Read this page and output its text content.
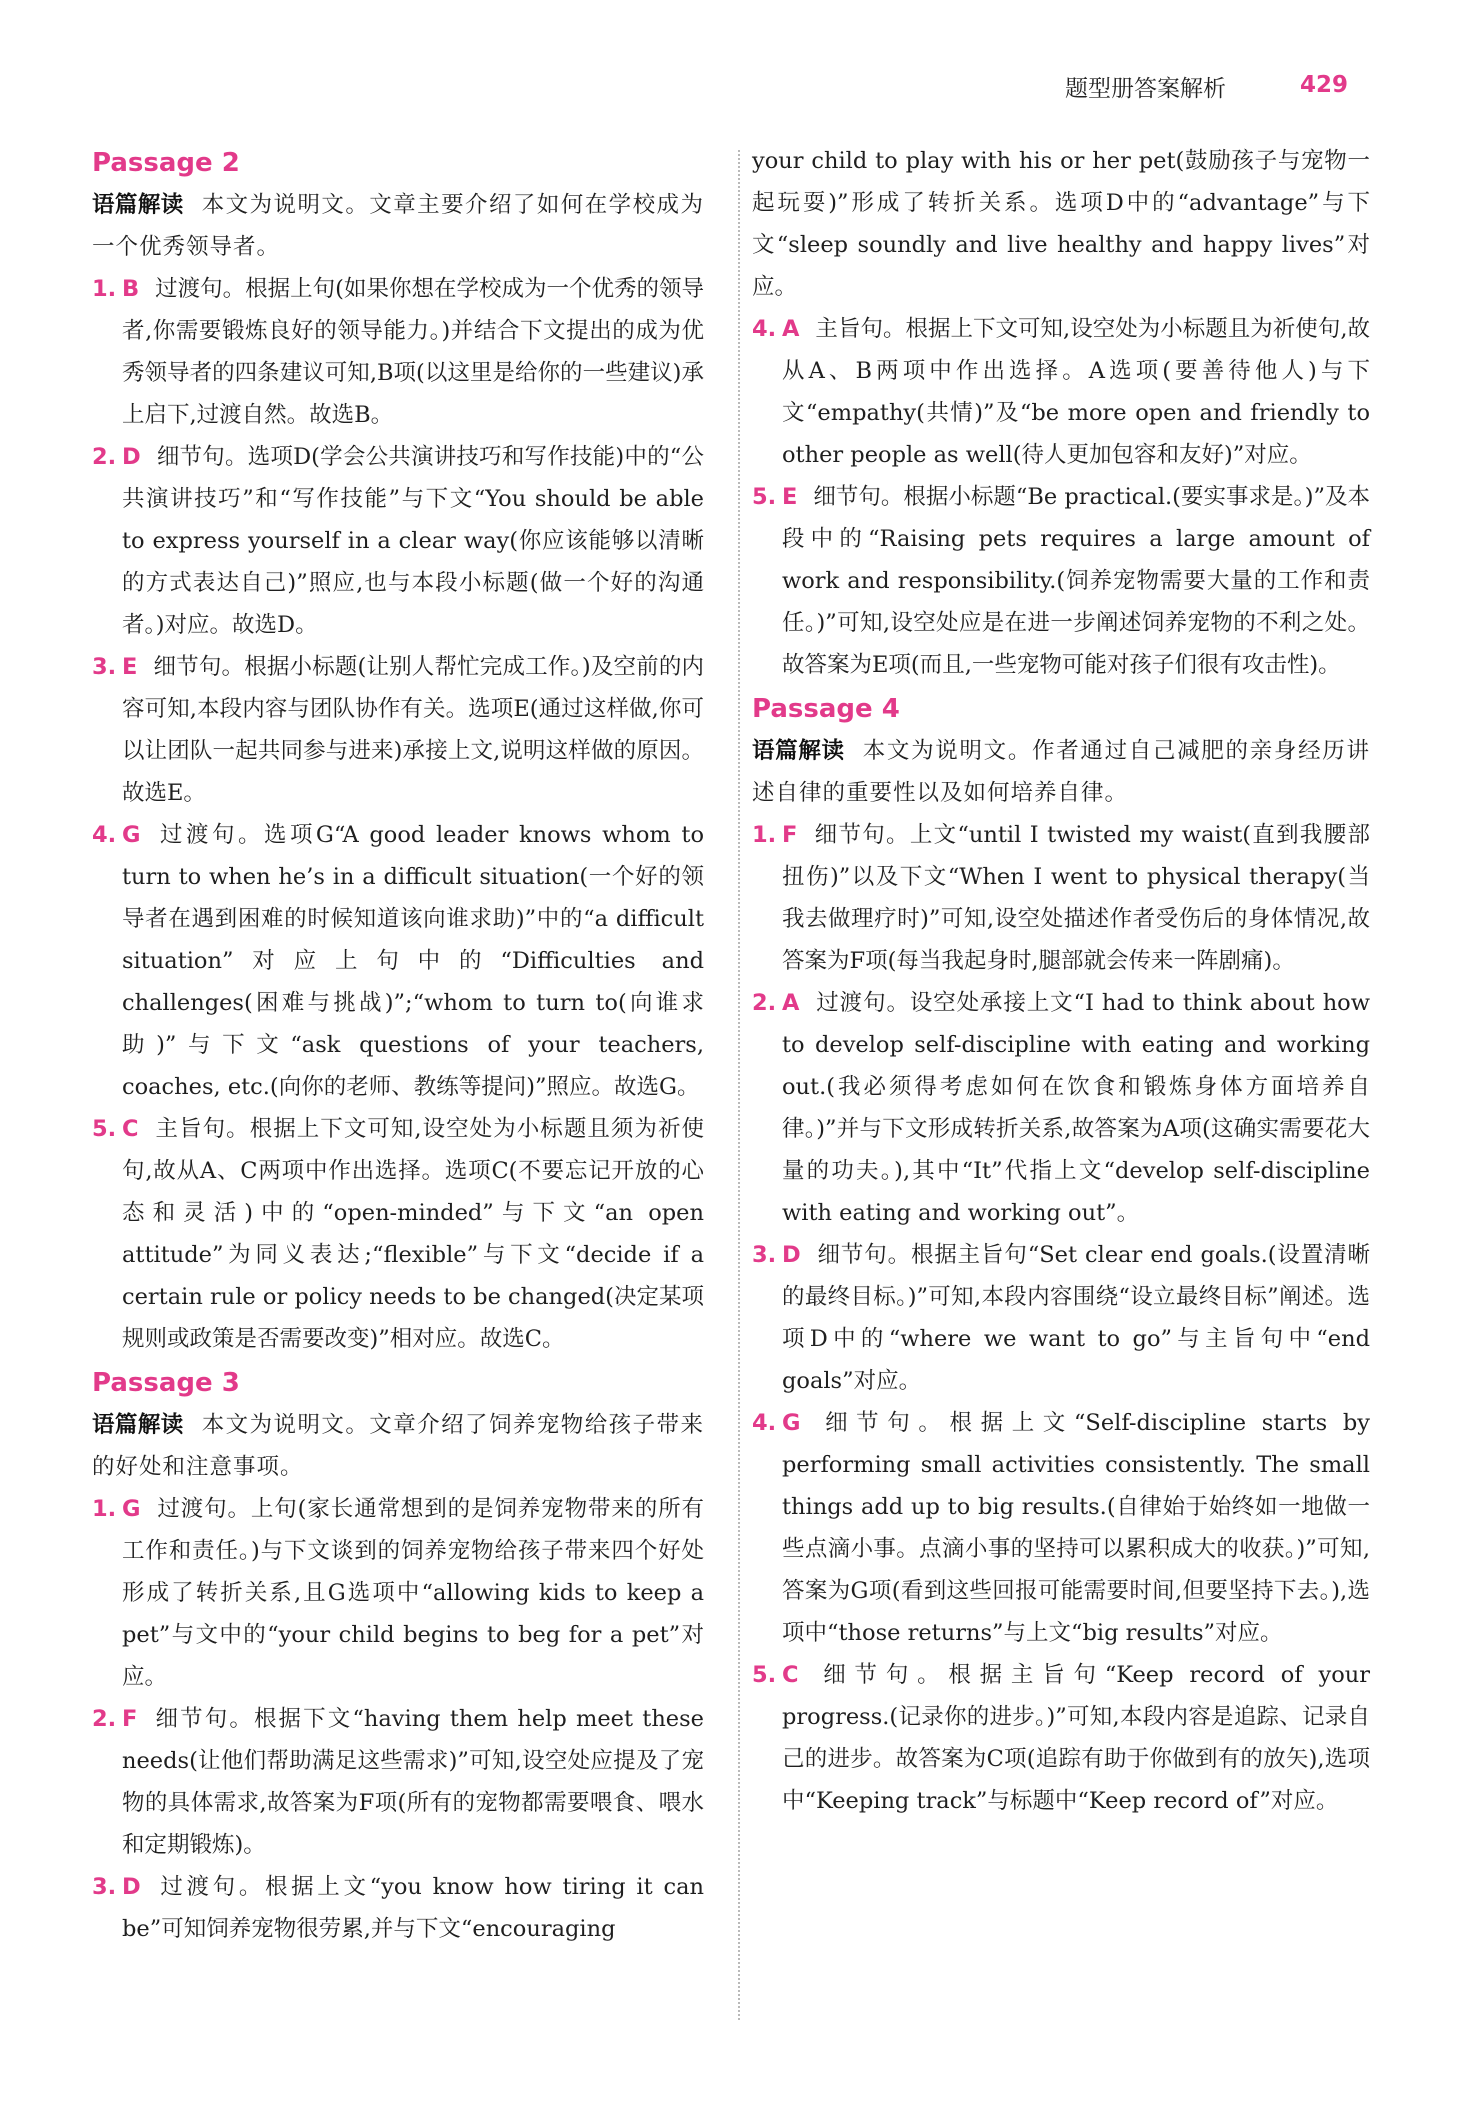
题型册答案解析	429
Passage 2

语篇解读 本文为说明文。文章主要介绍了如何在学校成为一个优秀领导者。

1. B 过渡句。根据上句(如果你想在学校成为一个优秀的领导者,你需要锻炼良好的领导能力。)并结合下文提出的成为优秀领导者的四条建议可知,B项(以这里是给你的一些建议)承上启下,过渡自然。故选B。

2. D 细节句。选项D(学会公共演讲技巧和写作技能)中的“公共演讲技巧”和“写作技能”与下文“You should be able to express yourself in a clear way(你应该能够以清晰的方式表达自己)”照应,也与本段小标题(做一个好的沟通者。)对应。故选D。

3. E 细节句。根据小标题(让别人帮忙完成工作。)及空前的内容可知,本段内容与团队协作有关。选项E(通过这样做,你可以让团队一起共同参与进来)承接上文,说明这样做的原因。故选E。

4. G 过渡句。选项G“A good leader knows whom to turn to when he’s in a difficult situation(一个好的领导者在遇到困难的时候知道该向谁求助)”中的“a difficult situation”对应上句中的“Difficulties and challenges(困难与挑战)”;“whom to turn to(向谁求助)”与下文“ask questions of your teachers, coaches, etc.(向你的老师、教练等提问)”照应。故选G。

5. C 主旨句。根据上下文可知,设空处为小标题且须为祈使句,故从A、C两项中作出选择。选项C(不要忘记开放的心态和灵活)中的“open-minded”与下文“an open attitude”为同义表达;“flexible”与下文“decide if a certain rule or policy needs to be changed(决定某项规则或政策是否需要改变)”相对应。故选C。

Passage 3

语篇解读 本文为说明文。文章介绍了饲养宠物给孩子带来的好处和注意事项。

1. G 过渡句。上句(家长通常想到的是饲养宠物带来的所有工作和责任。)与下文谈到的饲养宠物给孩子带来四个好处形成了转折关系,且G选项中“allowing kids to keep a pet”与文中的“your child begins to beg for a pet”对应。

2. F 细节句。根据下文“having them help meet these needs(让他们帮助满足这些需求)”可知,设空处应提及了宠物的具体需求,故答案为F项(所有的宠物都需要喂食、喂水和定期锻炼)。

3. D 过渡句。根据上文“you know how tiring it can be”可知饲养宠物很劳累,并与下文“encouraging

your child to play with his or her pet(鼓励孩子与宠物一起玩耍)”形成了转折关系。选项D中的“advantage”与下文“sleep soundly and live healthy and happy lives”对应。

4. A 主旨句。根据上下文可知,设空处为小标题且为祈使句,故从A、B两项中作出选择。A选项(要善待他人)与下文“empathy(共情)”及“be more open and friendly to other people as well(待人更加包容和友好)”对应。

5. E 细节句。根据小标题“Be practical.(要实事求是。)”及本段中的“Raising pets requires a large amount of work and responsibility.(饲养宠物需要大量的工作和责任。)”可知,设空处应是在进一步阐述饲养宠物的不利之处。故答案为E项(而且,一些宠物可能对孩子们很有攻击性)。

Passage 4

语篇解读 本文为说明文。作者通过自己减肥的亲身经历讲述自律的重要性以及如何培养自律。

1. F 细节句。上文“until I twisted my waist(直到我腰部扭伤)”以及下文“When I went to physical therapy(当我去做理疗时)”可知,设空处描述作者受伤后的身体情况,故答案为F项(每当我起身时,腿部就会传来一阵剧痛)。

2. A 过渡句。设空处承接上文“I had to think about how to develop self-discipline with eating and working out.(我必须得考虑如何在饮食和锻炼身体方面培养自律。)”并与下文形成转折关系,故答案为A项(这确实需要花大量的功夫。),其中“It”代指上文“develop self-discipline with eating and working out”。

3. D 细节句。根据主旨句“Set clear end goals.(设置清晰的最终目标。)”可知,本段内容围绕“设立最终目标”阐述。选项D中的“where we want to go”与主旨句中“end goals”对应。

4. G 细节句。根据上文“Self-discipline starts by performing small activities consistently. The small things add up to big results.(自律始于始终如一地做一些点滴小事。点滴小事的坚持可以累积成大的收获。)”可知,答案为G项(看到这些回报可能需要时间,但要坚持下去。),选项中“those returns”与上文“big results”对应。

5. C 细节句。根据主旨句“Keep record of your progress.(记录你的进步。)”可知,本段内容是追踪、记录自己的进步。故答案为C项(追踪有助于你做到有的放矢),选项中“Keeping track”与标题中“Keep record of”对应。
